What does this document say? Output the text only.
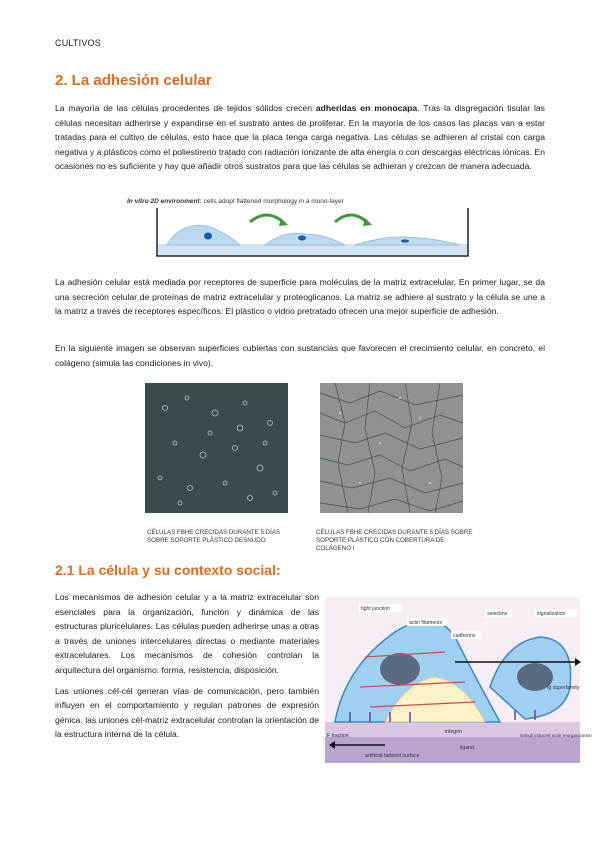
CULTIVOS
2. La adhesión celular

La mayoría de las células procedentes de tejidos sólidos crecen adheridas en monocapa. Tras la disgregación tisular las células necesitan adherirse y expandirse en el sustrato antes de proliferar. En la mayoría de los casos las placas van a estar tratadas para el cultivo de células, esto hace que la placa tenga carga negativa. Las células se adhieren al cristal con carga negativa y a plásticos como el poliestireno tratado con radiación ionizante de alta energía o con descargas eléctricas iónicas. En ocasiones no es suficiente y hay que añadir otros sustratos para que las células se adhieran y crezcan de manera adecuada.

In vitro 2D environment: cells adopt flattened morphology in a mono-layer

La adhesión celular está mediada por receptores de superficie para moléculas de la matriz extracelular. En primer lugar, se da una secreción celular de proteínas de matriz extracelular y proteoglicanos. La matriz se adhiere al sustrato y la célula se une a la matriz a través de receptores específicos. El plástico o vidrio pretratado ofrecen una mejor superficie de adhesión.

En la siguiente imagen se observan superficies cubiertas con sustancias que favorecen el crecimiento celular, en concreto, el colágeno (simula las condiciones in vivo).

CÉLULAS FBHE CRECIDAS DURANTE 5 DÍAS SOBRE SOPORTE PLÁSTICO DESNUDO
CÉLULAS FBHE CRECIDAS DURANTE 5 DÍAS SOBRE SOPORTE PLÁSTICO CON COBERTURA DE COLÁGENO I
2.1 La célula y su contexto social:

Los mecanismos de adhesión celular y a la matriz extracelular son esenciales para la organización, función y dinámica de las estructuras pluricelulares. Las células pueden adherirse unas a otras a través de uniones intercelulares directas o mediante materiales extracelulares. Los mecanismos de cohesión controlan la arquitectura del organismo: forma, resistencia, disposición.

Las uniones cél-cél generan vías de comunicación, pero también influyen en el comportamiento y regulan patrones de expresión génica. las uniones cél-matriz extracelular controlan la orientación de la estructura interna de la célula.

tight junction
actin filaments
cadherins
selectins	signalization
Ig superfamily
F traction
integrin
ligand
artificial tailored surface
stimuli induced actin reorganization
